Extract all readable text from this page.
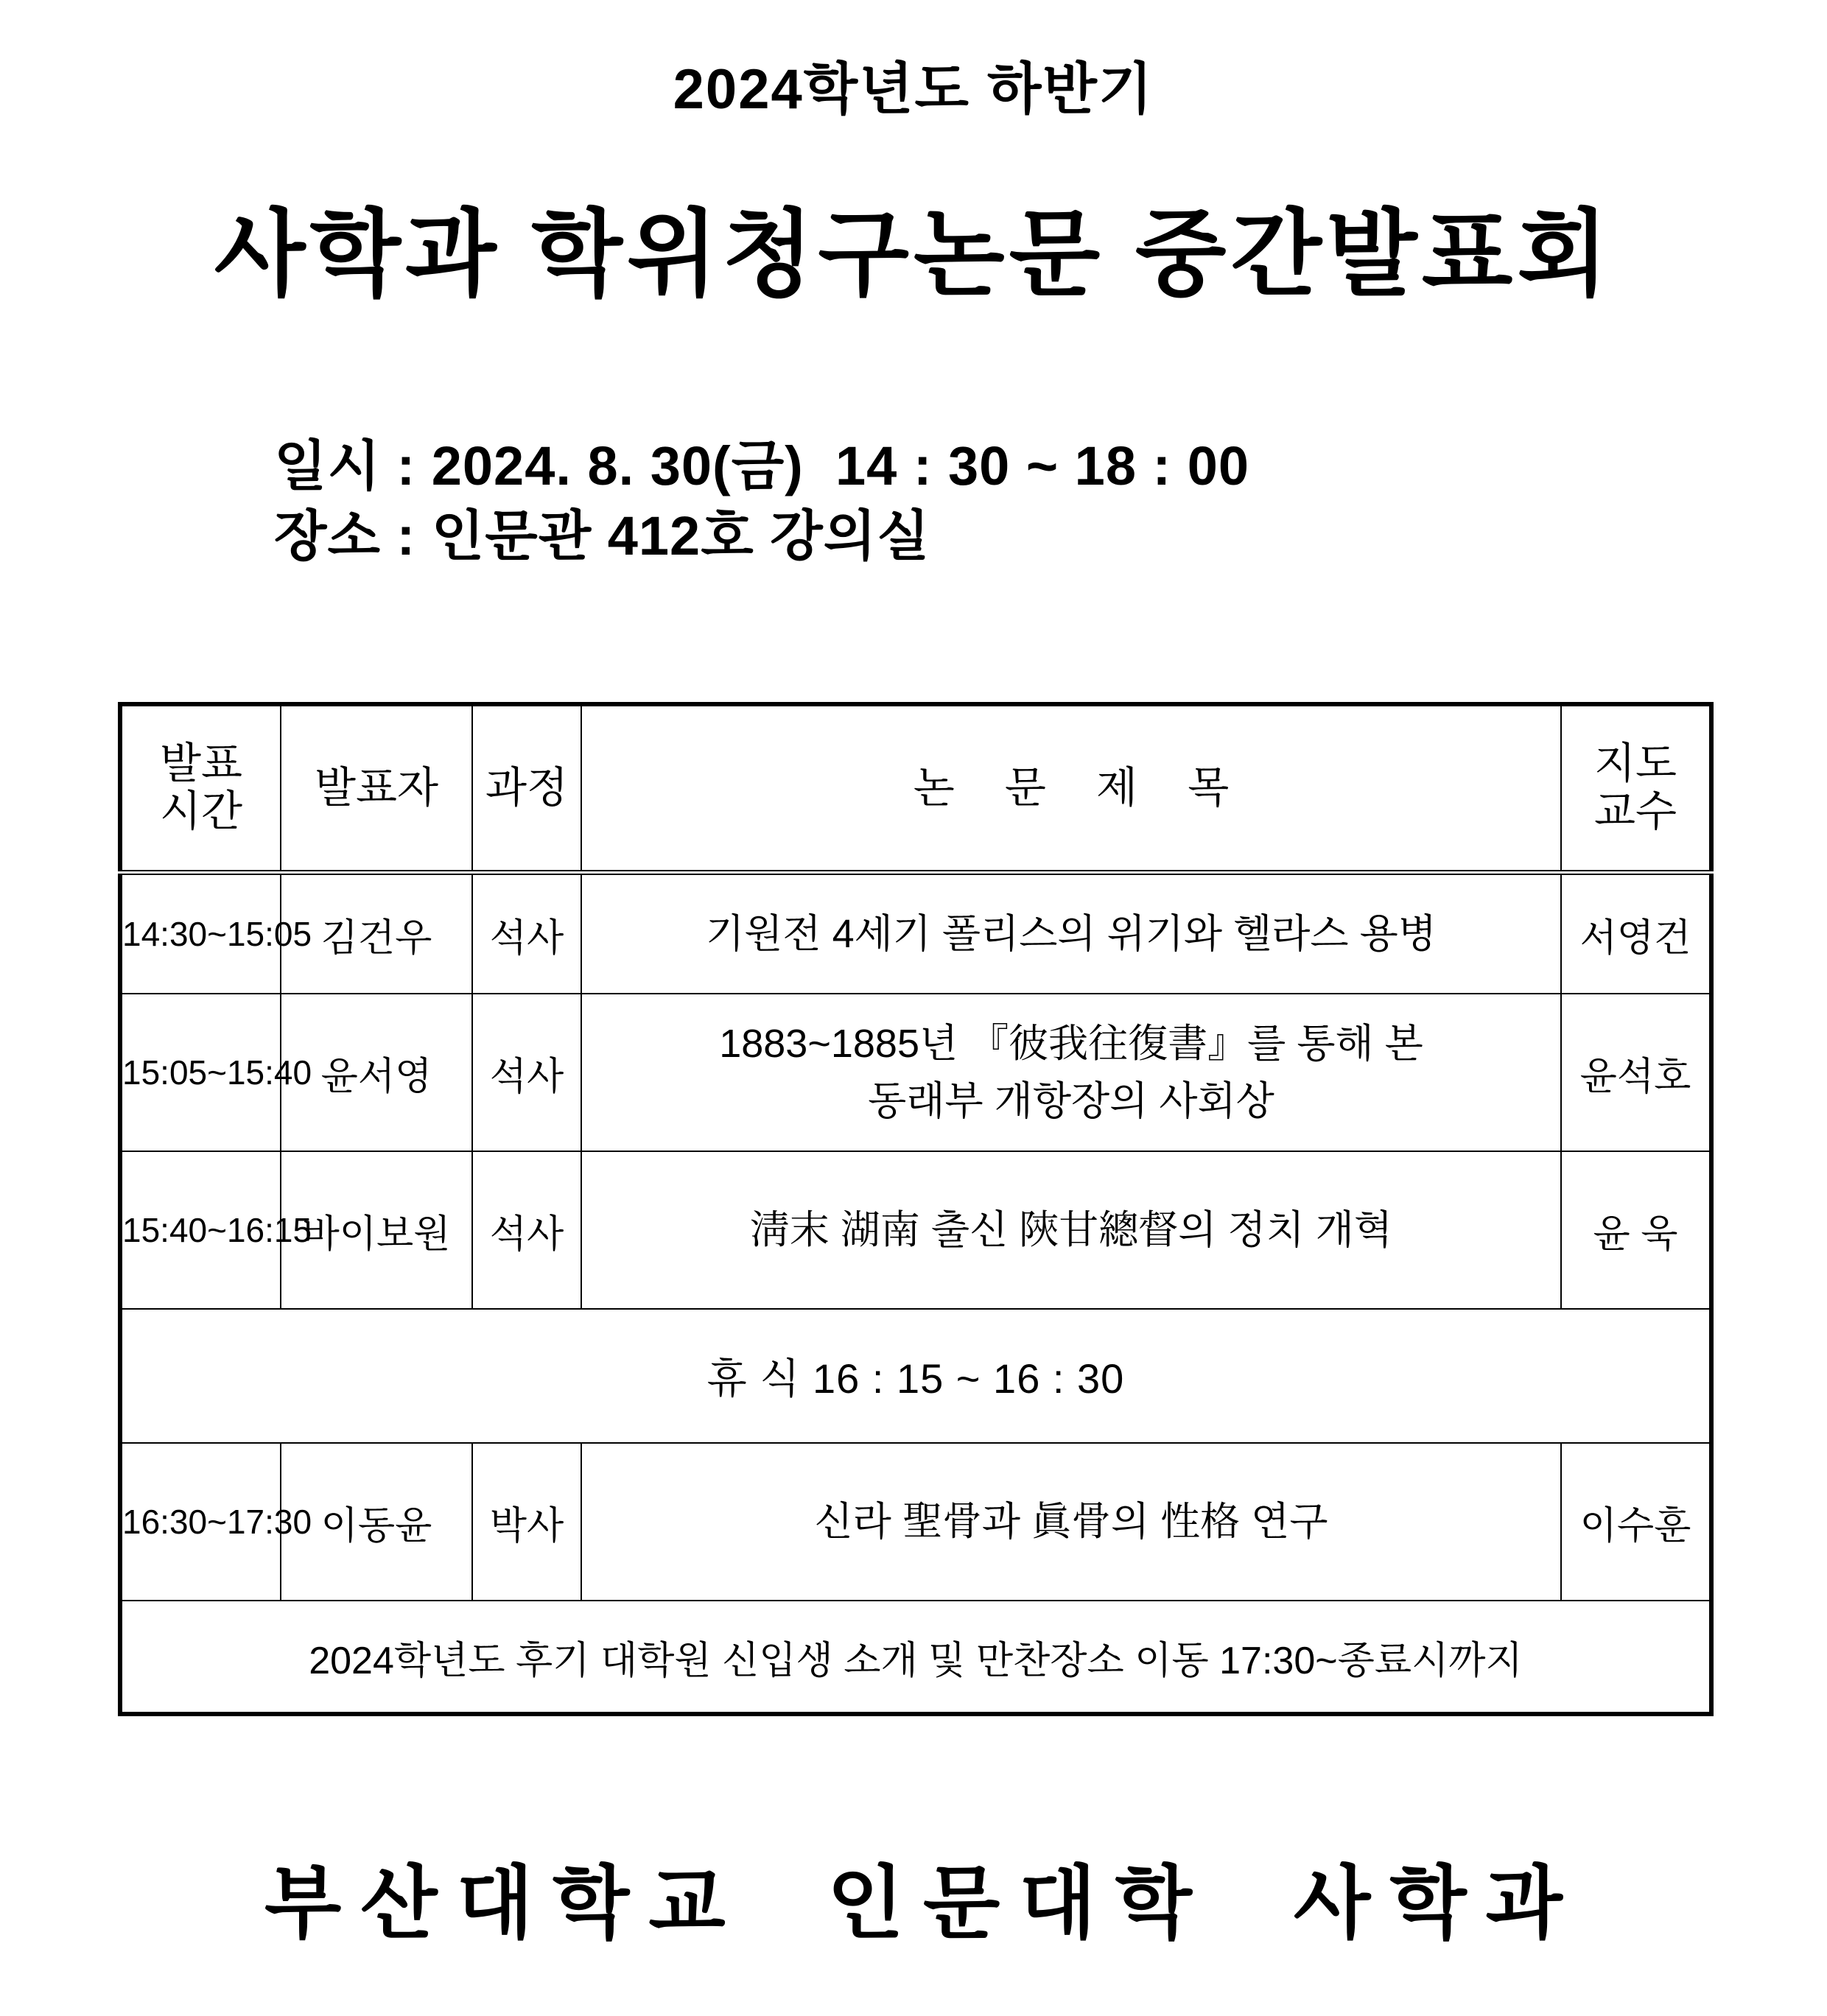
2024학년도 하반기
사학과 학위청구논문 중간발표회
일시 : 2024. 8. 30(금)  14 : 30 ~ 18 : 00
장소 : 인문관 412호 강의실
발표
시간	발표자	과정	논 문 제 목	지도
교수

14:30~15:05	김건우	석사	기원전 4세기 폴리스의 위기와 헬라스 용병	서영건
15:05~15:40	윤서영	석사	1883~1885년 『彼我往復書』를 통해 본
동래부 개항장의 사회상	윤석호
15:40~16:15	바이보원	석사	淸末 湖南 출신 陝甘總督의 정치 개혁	윤 욱
휴 식 16 : 15 ~ 16 : 30				
16:30~17:30	이동윤	박사	신라 聖骨과 眞骨의 性格 연구	이수훈
2024학년도 후기 대학원 신입생 소개 및 만찬장소 이동 17:30~종료시까지				
부산대학교  인문대학  사학과
